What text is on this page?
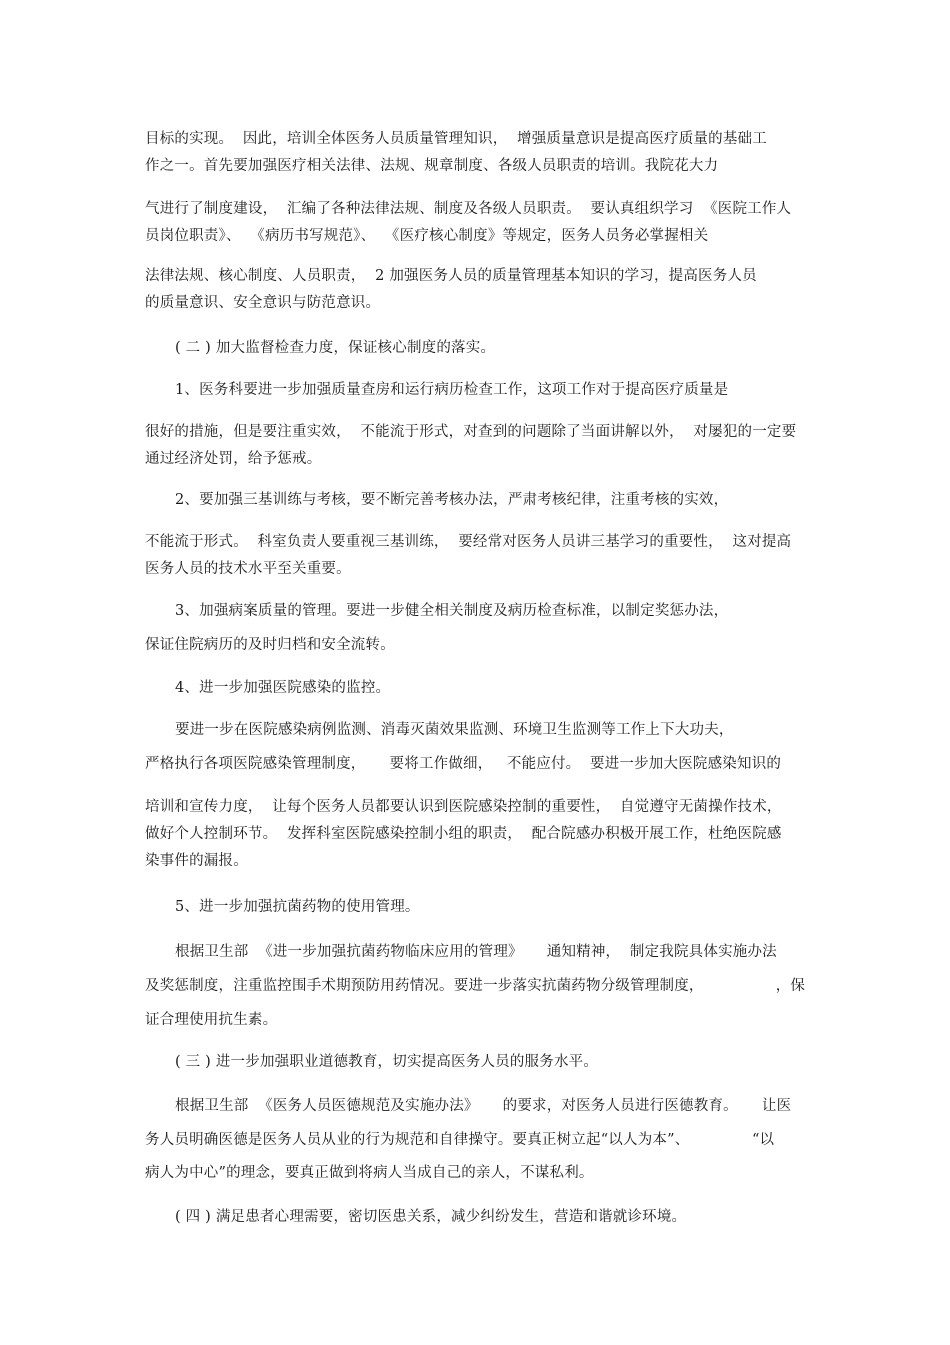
目标的实现。  因此，培训全体医务人员质量管理知识，  增强质量意识是提高医疗质量的基础工
作之一。首先要加强医疗相关法律、法规、规章制度、各级人员职责的培训。我院花大力
气进行了制度建设，  汇编了各种法律法规、制度及各级人员职责。  要认真组织学习  《医院工作人
员岗位职责》、  《病历书写规范》、  《医疗核心制度》等规定，医务人员务必掌握相关
法律法规、核心制度、人员职责，  2 加强医务人员的质量管理基本知识的学习，提高医务人员
的质量意识、安全意识与防范意识。
( 二 ) 加大监督检查力度，保证核心制度的落实。
1、医务科要进一步加强质量查房和运行病历检查工作，这项工作对于提高医疗质量是
很好的措施，但是要注重实效，  不能流于形式，对查到的问题除了当面讲解以外，  对屡犯的一定要
通过经济处罚，给予惩戒。
2、要加强三基训练与考核，要不断完善考核办法，严肃考核纪律，注重考核的实效，
不能流于形式。  科室负责人要重视三基训练，  要经常对医务人员讲三基学习的重要性，  这对提高
医务人员的技术水平至关重要。
3、加强病案质量的管理。要进一步健全相关制度及病历检查标准，以制定奖惩办法，
保证住院病历的及时归档和安全流转。
4、进一步加强医院感染的监控。
要进一步在医院感染病例监测、消毒灭菌效果监测、环境卫生监测等工作上下大功夫，
严格执行各项医院感染管理制度，     要将工作做细，   不能应付。  要进一步加大医院感染知识的
培训和宣传力度，  让每个医务人员都要认识到医院感染控制的重要性，  自觉遵守无菌操作技术，
做好个人控制环节。  发挥科室医院感染控制小组的职责，  配合院感办积极开展工作，杜绝医院感
染事件的漏报。
5、进一步加强抗菌药物的使用管理。
根据卫生部  《进一步加强抗菌药物临床应用的管理》     通知精神，  制定我院具体实施办法
及奖惩制度，注重监控围手术期预防用药情况。要进一步落实抗菌药物分级管理制度，               ，保
证合理使用抗生素。
( 三 ) 进一步加强职业道德教育，切实提高医务人员的服务水平。
根据卫生部  《医务人员医德规范及实施办法》     的要求，对医务人员进行医德教育。     让医
务人员明确医德是医务人员从业的行为规范和自律操守。要真正树立起“以人为本”、             “以
病人为中心”的理念，要真正做到将病人当成自己的亲人，不谋私利。
( 四 ) 满足患者心理需要，密切医患关系，减少纠纷发生，营造和谐就诊环境。
